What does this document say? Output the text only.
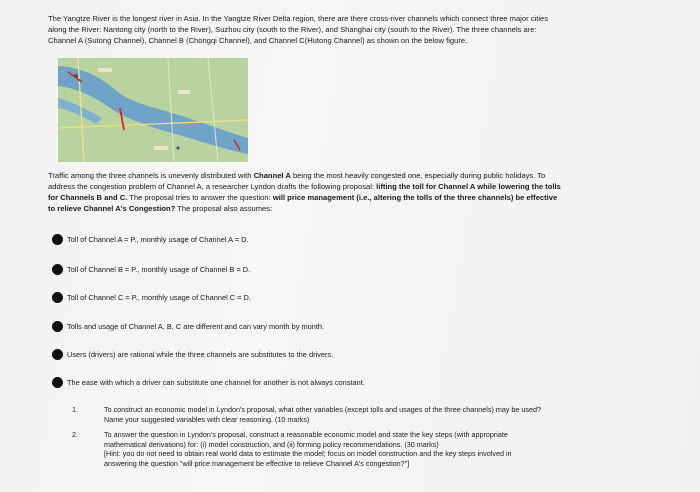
The Yangtze River is the longest river in Asia. In the Yangtze River Delta region, there are there cross-river channels which connect three major cities
along the River: Nantong city (north to the River), Suzhou city (south to the River), and Shanghai city (south to the River). The three channels are:
Channel A (Sutong Channel), Channel B (Chongqi Channel), and Channel C(Hutong Channel) as shown on the below figure.
Traffic among the three channels is unevenly distributed with Channel A being the most heavily congested one, especially during public holidays. To
address the congestion problem of Channel A, a researcher Lyndon drafts the following proposal: lifting the toll for Channel A while lowering the tolls
for Channels B and C. The proposal tries to answer the question: will price management (i.e., altering the tolls of the three channels) be effective
to relieve Channel A's Congestion? The proposal also assumes:
Toll of Channel A = P., monthly usage of Channel A = D.
Toll of Channel B = P., monthly usage of Channel B = D.
Toll of Channel C = P., monthly usage of Channel C = D.
Tolls and usage of Channel A, B, C are different and can vary month by month.
Users (drivers) are rational while the three channels are substitutes to the drivers.
The ease with which a driver can substitute one channel for another is not always constant.
1.	To construct an economic model in Lyndon's proposal, what other variables (except tolls and usages of the three channels) may be used?
Name your suggested variables with clear reasoning. (10 marks)
2.	To answer the question in Lyndon's proposal, construct a reasonable economic model and state the key steps (with appropriate
mathematical derivations) for: (i) model construction, and (ii) forming policy recommendations. (30 marks)
[Hint: you do not need to obtain real world data to estimate the model; focus on model construction and the key steps involved in
answering the question "will price management be effective to relieve Channel A's congestion?"]
